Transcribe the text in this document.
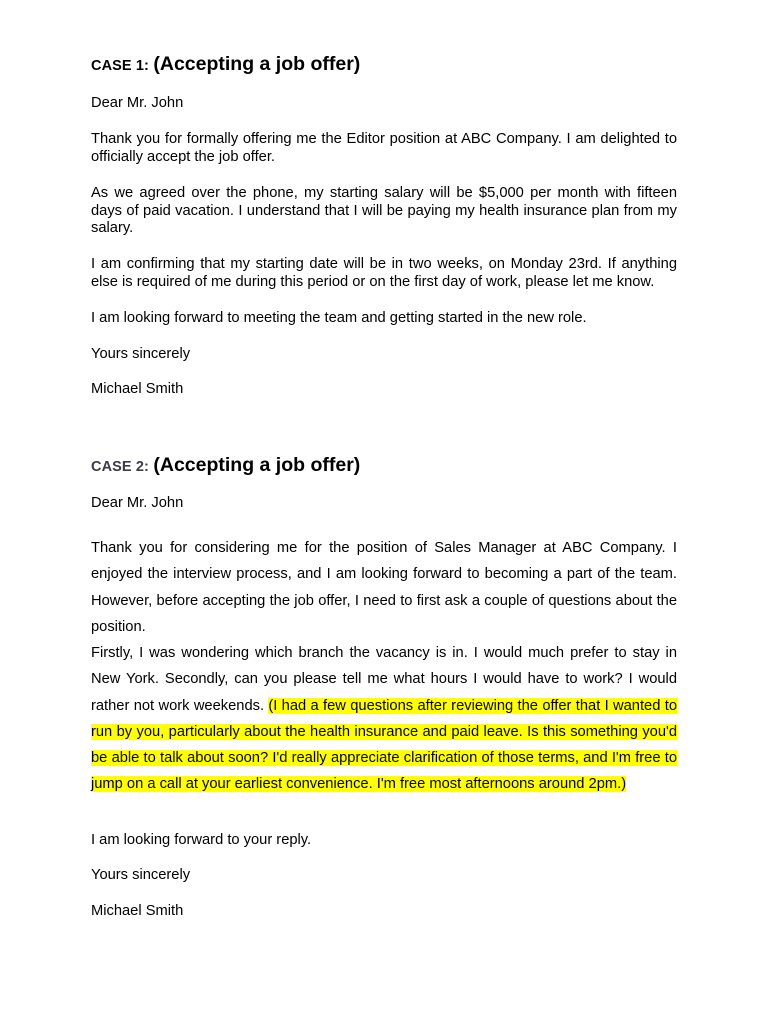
CASE 1: (Accepting a job offer)

Dear Mr. John

Thank you for formally offering me the Editor position at ABC Company. I am delighted to officially accept the job offer.

As we agreed over the phone, my starting salary will be $5,000 per month with fifteen days of paid vacation. I understand that I will be paying my health insurance plan from my salary.

I am confirming that my starting date will be in two weeks, on Monday 23rd. If anything else is required of me during this period or on the first day of work, please let me know.

I am looking forward to meeting the team and getting started in the new role.

Yours sincerely

Michael Smith

CASE 2: (Accepting a job offer)

Dear Mr. John

Thank you for considering me for the position of Sales Manager at ABC Company. I enjoyed the interview process, and I am looking forward to becoming a part of the team. However, before accepting the job offer, I need to first ask a couple of questions about the position.

Firstly, I was wondering which branch the vacancy is in. I would much prefer to stay in New York. Secondly, can you please tell me what hours I would have to work? I would rather not work weekends. (I had a few questions after reviewing the offer that I wanted to run by you, particularly about the health insurance and paid leave. Is this something you'd be able to talk about soon? I'd really appreciate clarification of those terms, and I'm free to jump on a call at your earliest convenience. I'm free most afternoons around 2pm.)

I am looking forward to your reply.

Yours sincerely

Michael Smith
